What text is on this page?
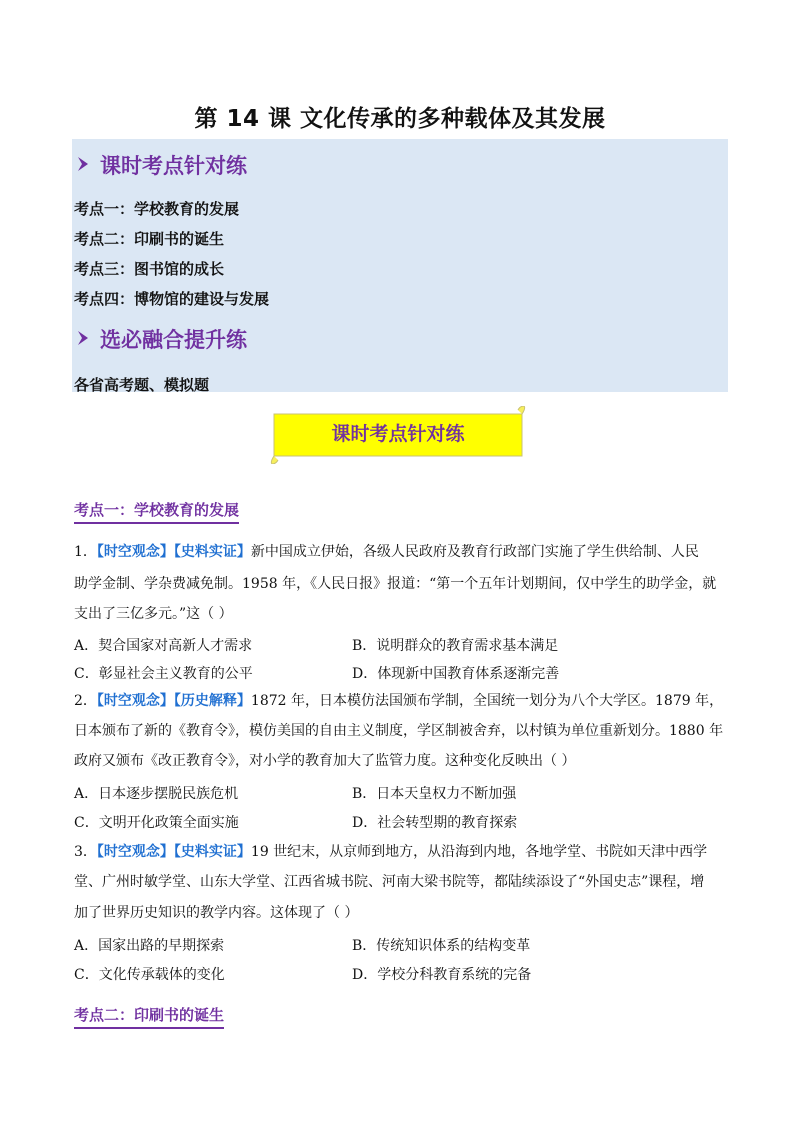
第 14 课 文化传承的多种载体及其发展
课时考点针对练
考点一：学校教育的发展
考点二：印刷书的诞生
考点三：图书馆的成长
考点四：博物馆的建设与发展
选必融合提升练
各省高考题、模拟题
课时考点针对练
考点一：学校教育的发展
1．【时空观念】【史料实证】新中国成立伊始，各级人民政府及教育行政部门实施了学生供给制、人民
助学金制、学杂费减免制。1958 年，《人民日报》报道：“第一个五年计划期间，仅中学生的助学金，就
支出了三亿多元。”这（ ）
A．契合国家对高新人才需求	B．说明群众的教育需求基本满足
C．彰显社会主义教育的公平	D．体现新中国教育体系逐渐完善
2．【时空观念】【历史解释】1872 年，日本模仿法国颁布学制，全国统一划分为八个大学区。1879 年，
日本颁布了新的《教育令》，模仿美国的自由主义制度，学区制被舍弃，以村镇为单位重新划分。1880 年
政府又颁布《改正教育令》，对小学的教育加大了监管力度。这种变化反映出（ ）
A．日本逐步摆脱民族危机	B．日本天皇权力不断加强
C．文明开化政策全面实施	D．社会转型期的教育探索
3．【时空观念】【史料实证】19 世纪末，从京师到地方，从沿海到内地，各地学堂、书院如天津中西学
堂、广州时敏学堂、山东大学堂、江西省城书院、河南大梁书院等，都陆续添设了“外国史志”课程，增
加了世界历史知识的教学内容。这体现了（ ）
A．国家出路的早期探索	B．传统知识体系的结构变革
C．文化传承载体的变化	D．学校分科教育系统的完备
考点二：印刷书的诞生
